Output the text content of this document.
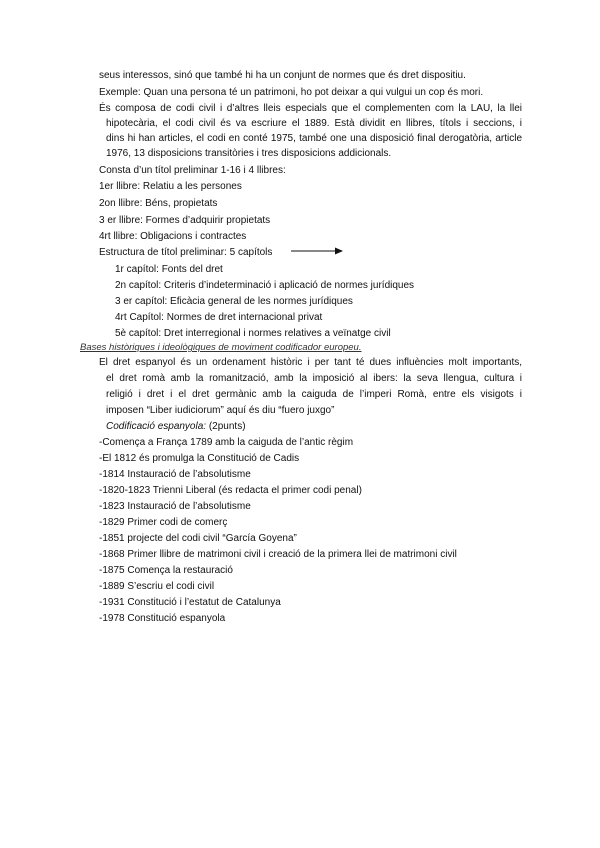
seus interessos, sinó que també hi ha un conjunt de normes que és dret dispositiu.
Exemple: Quan una persona té un patrimoni, ho pot deixar a qui vulgui un cop és mori.
És composa de codi civil i d’altres lleis especials que el complementen com la LAU, la llei
hipotecària, el codi civil és va escriure el 1889. Està dividit en llibres, títols i seccions, i
dins hi han articles, el codi en conté 1975, també one una disposició final derogatòria, article
1976, 13 disposicions transitòries i tres disposicions addicionals.
Consta d’un títol preliminar 1-16 i 4 llibres:
1er llibre: Relatiu a les persones
2on llibre: Béns, propietats
3 er llibre: Formes d’adquirir propietats
4rt llibre: Obligacions i contractes
Estructura de títol preliminar: 5 capítols
1r capítol: Fonts del dret
2n capítol: Criteris d’indeterminació i aplicació de normes jurídiques
3 er capítol: Eficàcia general de les normes jurídiques
4rt Capítol: Normes de dret internacional privat
5è capítol: Dret interregional i normes relatives a veïnatge civil
Bases històriques i ideològiques de moviment codificador europeu.
El dret espanyol és un ordenament històric i per tant té dues influències molt importants,
el dret romà amb la romanització, amb la imposició al ibers: la seva llengua, cultura i
religió i dret i el dret germànic amb la caiguda de l’imperi Romà, entre els visigots i
imposen “Liber iudiciorum” aquí és diu “fuero juxgo”
Codificació espanyola: (2punts)
-Comença a França 1789 amb la caiguda de l’antic règim
-El 1812 és promulga la Constitució de Cadis
-1814 Instauració de l’absolutisme
-1820-1823 Trienni Liberal (és redacta el primer codi penal)
-1823 Instauració de l’absolutisme
-1829 Primer codi de comerç
-1851 projecte del codi civil “García Goyena”
-1868 Primer llibre de matrimoni civil i creació de la primera llei de matrimoni civil
-1875 Comença la restauració
-1889 S’escriu el codi civil
-1931 Constitució i l’estatut de Catalunya
-1978 Constitució espanyola
